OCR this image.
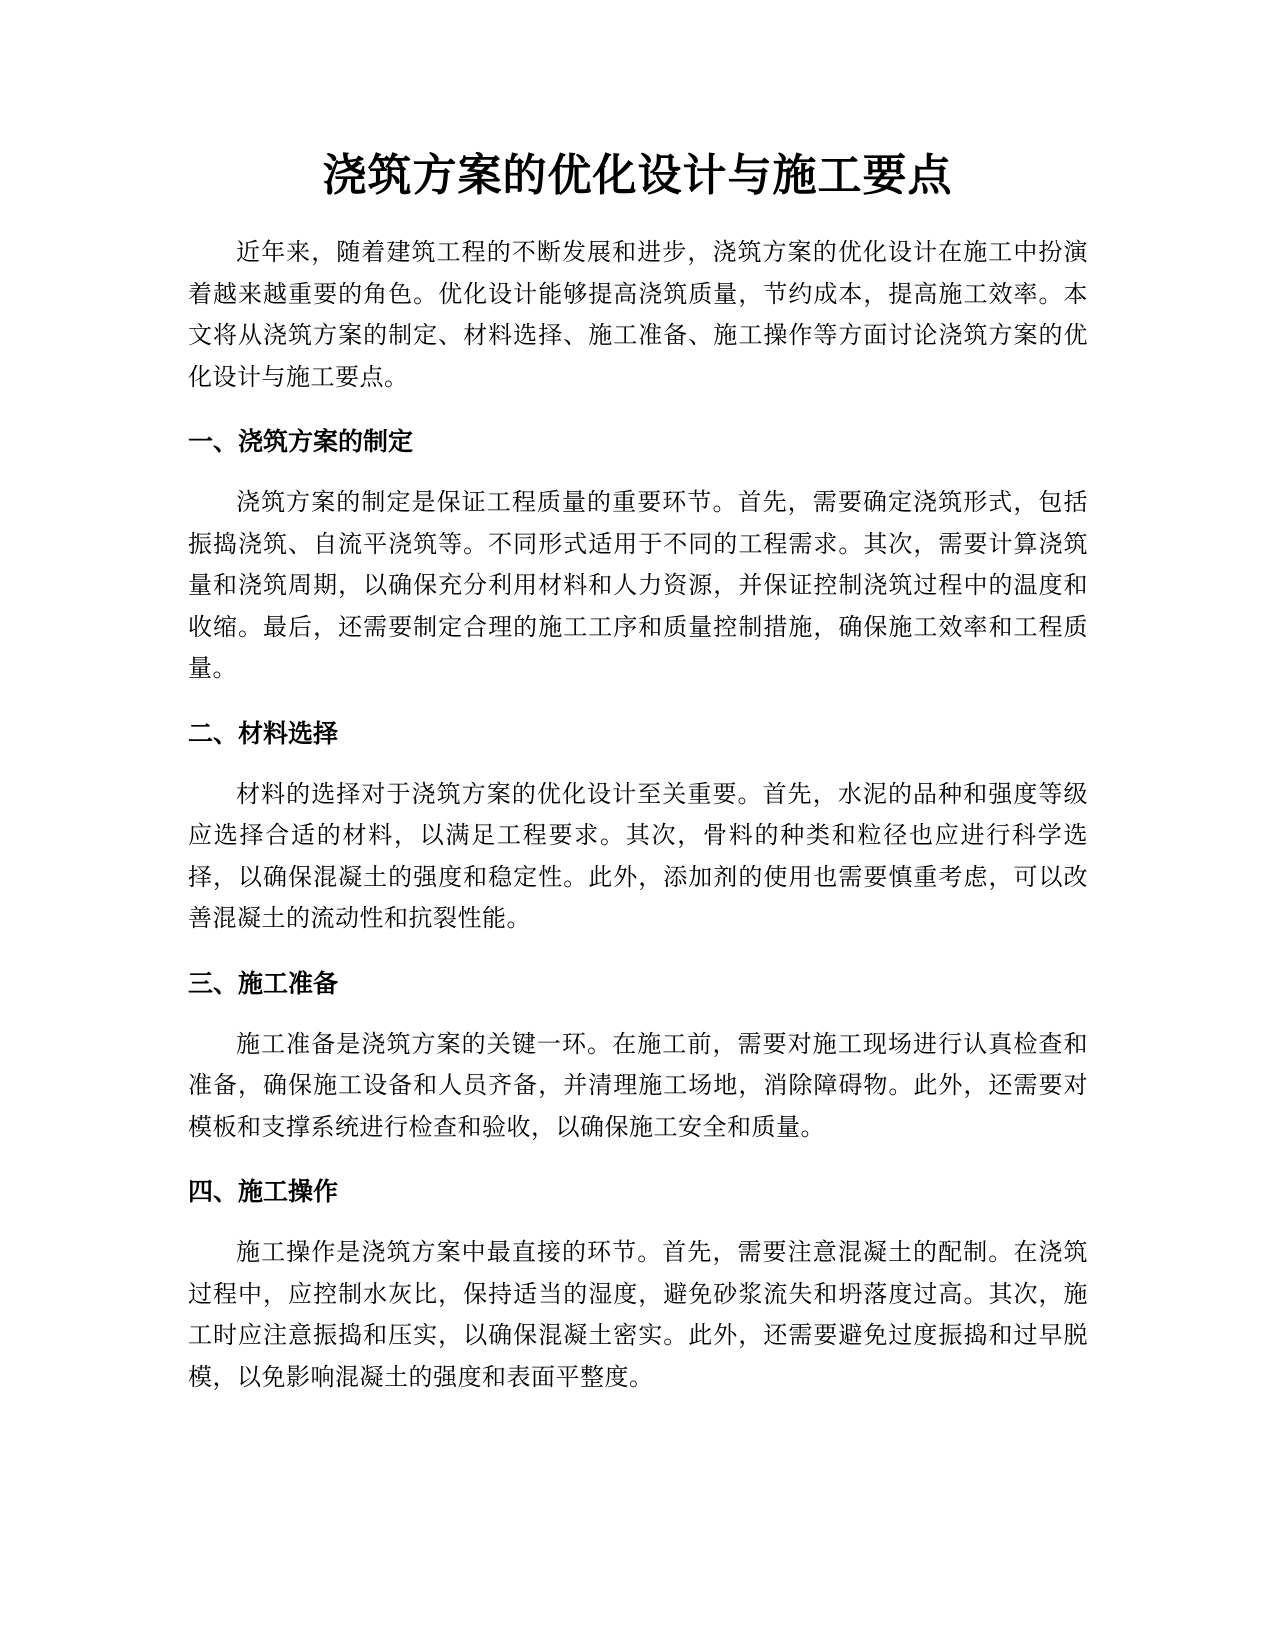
浇筑方案的优化设计与施工要点

近年来，随着建筑工程的不断发展和进步，浇筑方案的优化设计在施工中扮演着越来越重要的角色。优化设计能够提高浇筑质量，节约成本，提高施工效率。本文将从浇筑方案的制定、材料选择、施工准备、施工操作等方面讨论浇筑方案的优化设计与施工要点。

一、浇筑方案的制定

浇筑方案的制定是保证工程质量的重要环节。首先，需要确定浇筑形式，包括振捣浇筑、自流平浇筑等。不同形式适用于不同的工程需求。其次，需要计算浇筑量和浇筑周期，以确保充分利用材料和人力资源，并保证控制浇筑过程中的温度和收缩。最后，还需要制定合理的施工工序和质量控制措施，确保施工效率和工程质量。

二、材料选择

材料的选择对于浇筑方案的优化设计至关重要。首先，水泥的品种和强度等级应选择合适的材料，以满足工程要求。其次，骨料的种类和粒径也应进行科学选择，以确保混凝土的强度和稳定性。此外，添加剂的使用也需要慎重考虑，可以改善混凝土的流动性和抗裂性能。

三、施工准备

施工准备是浇筑方案的关键一环。在施工前，需要对施工现场进行认真检查和准备，确保施工设备和人员齐备，并清理施工场地，消除障碍物。此外，还需要对模板和支撑系统进行检查和验收，以确保施工安全和质量。

四、施工操作

施工操作是浇筑方案中最直接的环节。首先，需要注意混凝土的配制。在浇筑过程中，应控制水灰比，保持适当的湿度，避免砂浆流失和坍落度过高。其次，施工时应注意振捣和压实，以确保混凝土密实。此外，还需要避免过度振捣和过早脱模，以免影响混凝土的强度和表面平整度。
